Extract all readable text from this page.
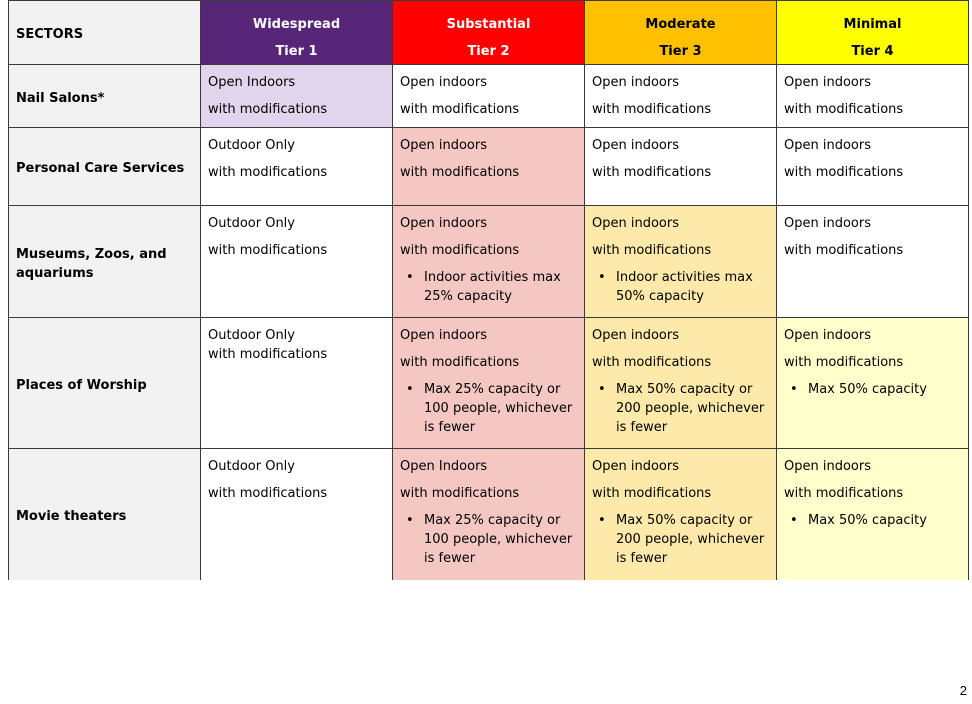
SECTORS
Widespread
Tier 1
Substantial
Tier 2
Moderate
Tier 3
Minimal
Tier 4
Nail Salons*
Open Indoors
with modifications
Open indoors
with modifications
Open indoors
with modifications
Open indoors
with modifications
Personal Care Services
Outdoor Only
with modifications
Open indoors
with modifications
Open indoors
with modifications
Open indoors
with modifications
Museums, Zoos, and aquariums
Outdoor Only
with modifications
Open indoors
with modifications
• Indoor activities max 25% capacity
Open indoors
with modifications
• Indoor activities max 50% capacity
Open indoors
with modifications
Places of Worship
Outdoor Only
with modifications
Open indoors
with modifications
• Max 25% capacity or 100 people, whichever is fewer
Open indoors
with modifications
• Max 50% capacity or 200 people, whichever is fewer
Open indoors
with modifications
• Max 50% capacity
Movie theaters
Outdoor Only
with modifications
Open Indoors
with modifications
• Max 25% capacity or 100 people, whichever is fewer
Open indoors
with modifications
• Max 50% capacity or 200 people, whichever is fewer
Open indoors
with modifications
• Max 50% capacity
2
